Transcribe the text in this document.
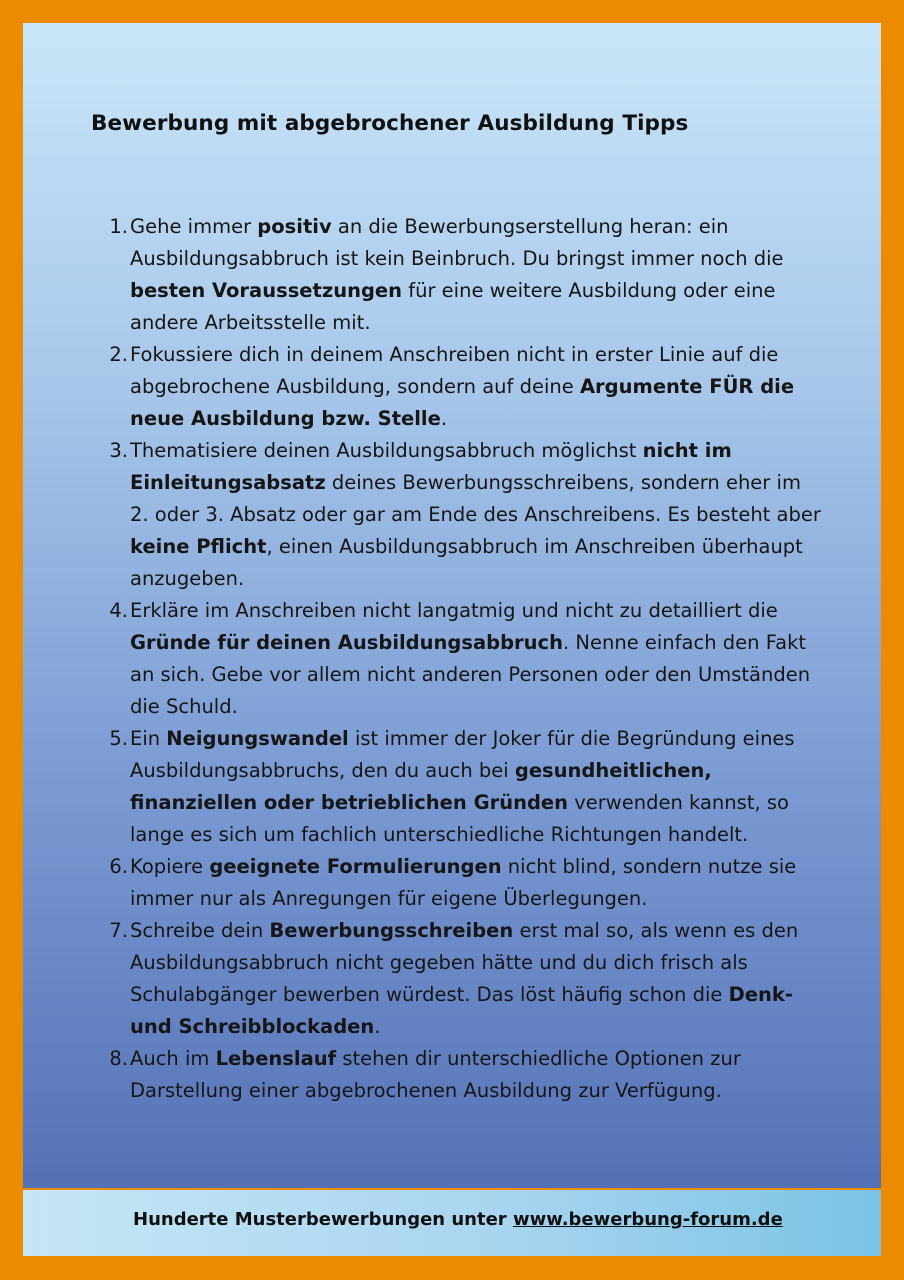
Bewerbung mit abgebrochener Ausbildung Tipps
1. Gehe immer positiv an die Bewerbungserstellung heran: ein Ausbildungsabbruch ist kein Beinbruch. Du bringst immer noch die besten Voraussetzungen für eine weitere Ausbildung oder eine andere Arbeitsstelle mit.
2. Fokussiere dich in deinem Anschreiben nicht in erster Linie auf die abgebrochene Ausbildung, sondern auf deine Argumente FÜR die neue Ausbildung bzw. Stelle.
3. Thematisiere deinen Ausbildungsabbruch möglichst nicht im Einleitungsabsatz deines Bewerbungsschreibens, sondern eher im 2. oder 3. Absatz oder gar am Ende des Anschreibens. Es besteht aber keine Pflicht, einen Ausbildungsabbruch im Anschreiben überhaupt anzugeben.
4. Erkläre im Anschreiben nicht langatmig und nicht zu detailliert die Gründe für deinen Ausbildungsabbruch. Nenne einfach den Fakt an sich. Gebe vor allem nicht anderen Personen oder den Umständen die Schuld.
5. Ein Neigungswandel ist immer der Joker für die Begründung eines Ausbildungsabbruchs, den du auch bei gesundheitlichen, finanziellen oder betrieblichen Gründen verwenden kannst, so lange es sich um fachlich unterschiedliche Richtungen handelt.
6. Kopiere geeignete Formulierungen nicht blind, sondern nutze sie immer nur als Anregungen für eigene Überlegungen.
7. Schreibe dein Bewerbungsschreiben erst mal so, als wenn es den Ausbildungsabbruch nicht gegeben hätte und du dich frisch als Schulabgänger bewerben würdest. Das löst häufig schon die Denk- und Schreibblockaden.
8. Auch im Lebenslauf stehen dir unterschiedliche Optionen zur Darstellung einer abgebrochenen Ausbildung zur Verfügung.
Hunderte Musterbewerbungen unter www.bewerbung-forum.de
